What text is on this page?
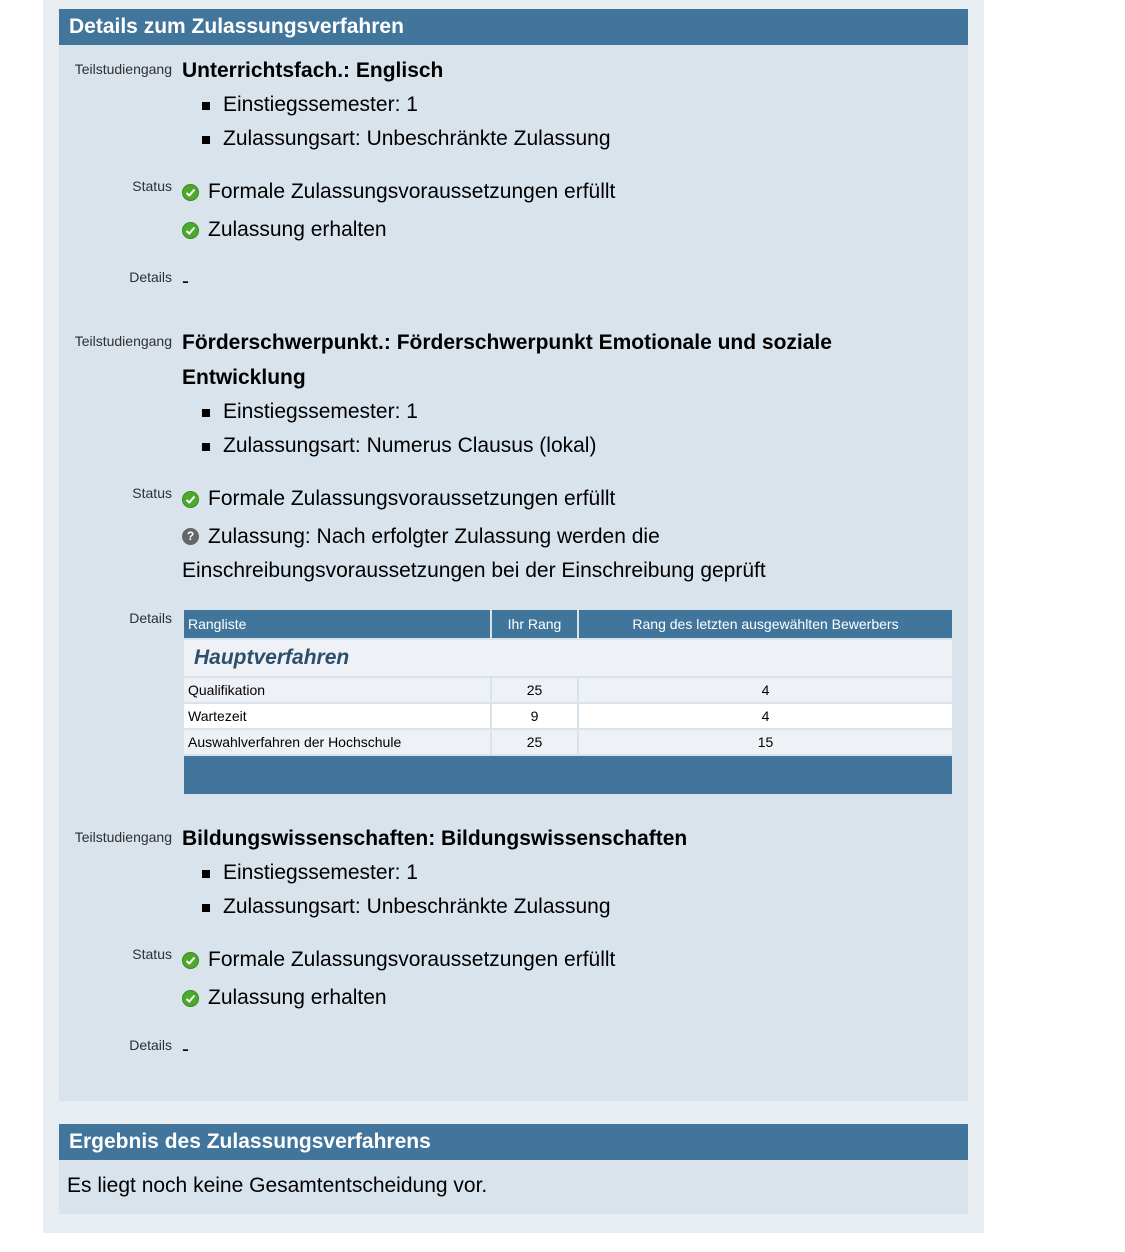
Details zum Zulassungsverfahren
Teilstudiengang Unterrichtsfach.: Englisch
Einstiegssemester: 1
Zulassungsart: Unbeschränkte Zulassung
Status	Formale Zulassungsvoraussetzungen erfüllt
Zulassung erhalten
Details -
Teilstudiengang Förderschwerpunkt.: Förderschwerpunkt Emotionale und soziale Entwicklung
Einstiegssemester: 1
Zulassungsart: Numerus Clausus (lokal)
Status	Formale Zulassungsvoraussetzungen erfüllt
? Zulassung: Nach erfolgter Zulassung werden die Einschreibungsvoraussetzungen bei der Einschreibung geprüft
Details Rangliste	Ihr Rang	Rang des letzten ausgewählten Bewerbers
Hauptverfahren		
Qualifikation	25	4
Wartezeit	9	4
Auswahlverfahren der Hochschule	25	15

Teilstudiengang Bildungswissenschaften: Bildungswissenschaften
Einstiegssemester: 1
Zulassungsart: Unbeschränkte Zulassung
Status	Formale Zulassungsvoraussetzungen erfüllt
Zulassung erhalten
Details -
Ergebnis des Zulassungsverfahrens
Es liegt noch keine Gesamtentscheidung vor.
